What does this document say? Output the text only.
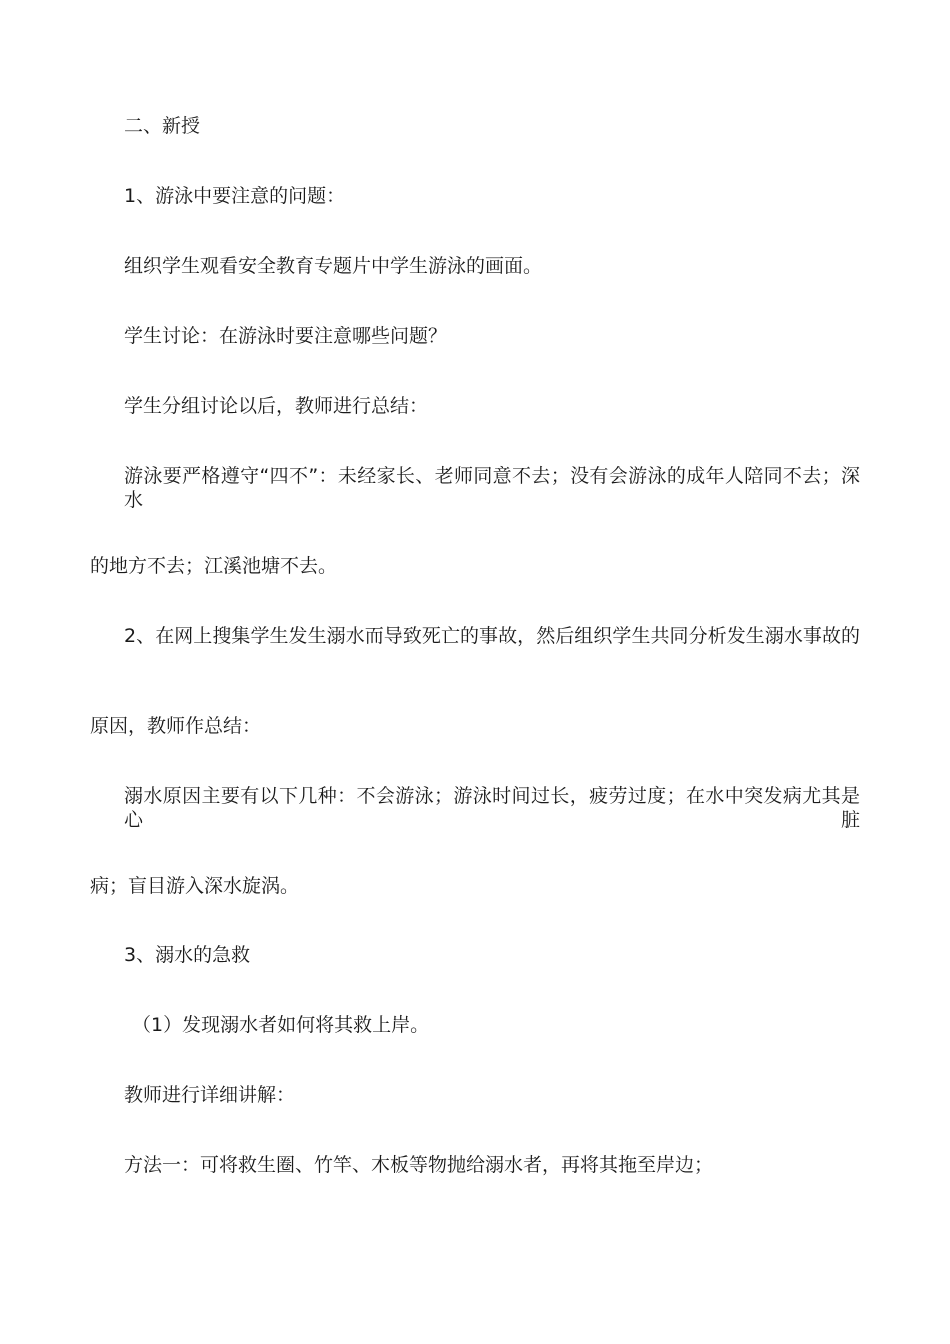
二、新授

1、游泳中要注意的问题：

组织学生观看安全教育专题片中学生游泳的画面。

学生讨论：在游泳时要注意哪些问题？

学生分组讨论以后，教师进行总结：

游泳要严格遵守“四不”：未经家长、老师同意不去；没有会游泳的成年人陪同不去；深水

的地方不去；江溪池塘不去。

2、在网上搜集学生发生溺水而导致死亡的事故，然后组织学生共同分析发生溺水事故的

原因，教师作总结：

溺水原因主要有以下几种：不会游泳；游泳时间过长，疲劳过度；在水中突发病尤其是心脏

病；盲目游入深水旋涡。

3、溺水的急救

（1）发现溺水者如何将其救上岸。

教师进行详细讲解：

方法一：可将救生圈、竹竿、木板等物抛给溺水者，再将其拖至岸边；
